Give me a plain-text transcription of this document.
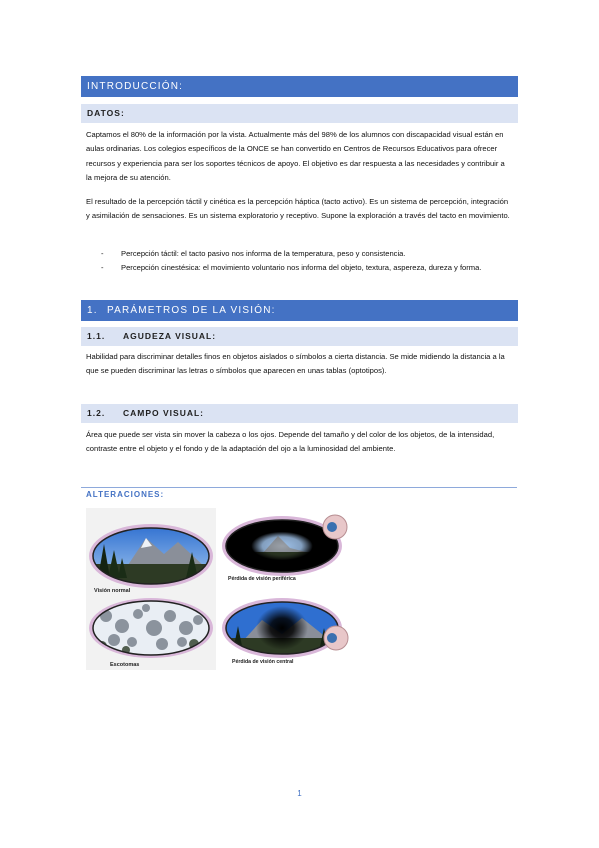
INTRODUCCIÓN:
DATOS:

Captamos el 80% de la información por la vista. Actualmente más del 98% de los alumnos con discapacidad visual están en aulas ordinarias. Los colegios específicos de la ONCE se han convertido en Centros de Recursos Educativos para ofrecer recursos y experiencia para ser los soportes técnicos de apoyo. El objetivo es dar respuesta a las necesidades y contribuir a la mejora de su atención.

El resultado de la percepción táctil y cinética es la percepción háptica (tacto activo). Es un sistema de percepción, integración y asimilación de sensaciones. Es un sistema exploratorio y receptivo. Supone la exploración a través del tacto en movimiento.

- Percepción táctil: el tacto pasivo nos informa de la temperatura, peso y consistencia.
- Percepción cinestésica: el movimiento voluntario nos informa del objeto, textura, aspereza, dureza y forma.
1. PARÁMETROS DE LA VISIÓN:
1.1. AGUDEZA VISUAL:

Habilidad para discriminar detalles finos en objetos aislados o símbolos a cierta distancia. Se mide midiendo la distancia a la que se pueden discriminar las letras o símbolos que aparecen en unas tablas (optotipos).

1.2. CAMPO VISUAL:

Área que puede ser vista sin mover la cabeza o los ojos. Depende del tamaño y del color de los objetos, de la intensidad, contraste entre el objeto y el fondo y de la adaptación del ojo a la luminosidad del ambiente.

ALTERACIONES:
Visión normal
Pérdida de visión periférica
Escotomas	Pérdida de visión central
1
